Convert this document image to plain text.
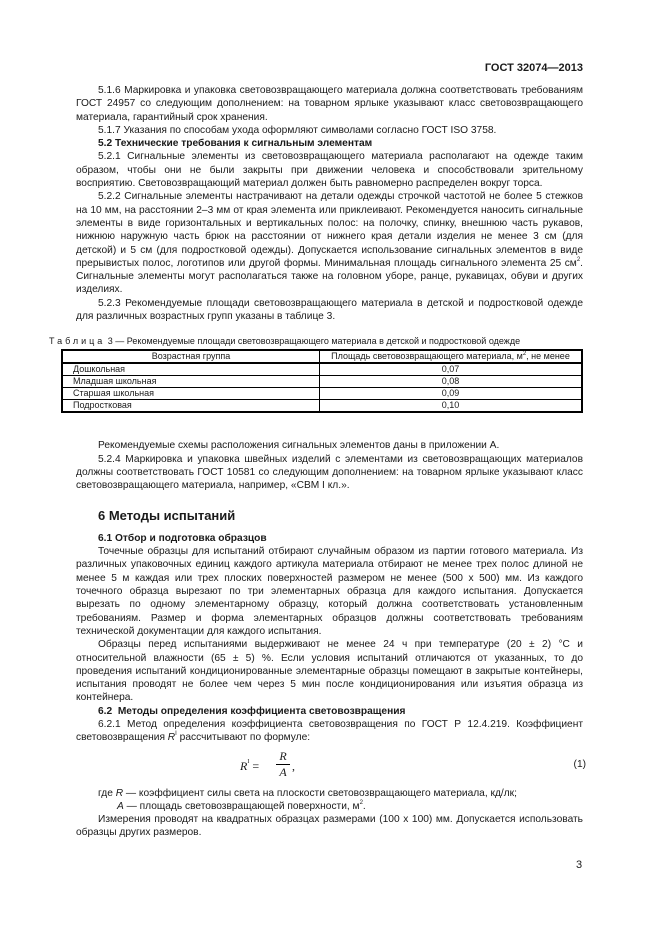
ГОСТ 32074—2013

5.1.6 Маркировка и упаковка световозвращающего материала должна соответствовать требованиям ГОСТ 24957 со следующим дополнением: на товарном ярлыке указывают класс световозвращающего материала, гарантийный срок хранения.

5.1.7 Указания по способам ухода оформляют символами согласно ГОСТ ISO 3758.

5.2 Технические требования к сигнальным элементам

5.2.1 Сигнальные элементы из световозвращающего материала располагают на одежде таким образом, чтобы они не были закрыты при движении человека и способствовали зрительному восприятию. Световозвращающий материал должен быть равномерно распределен вокруг торса.

5.2.2 Сигнальные элементы настрачивают на детали одежды строчкой частотой не более 5 стежков на 10 мм, на расстоянии 2–3 мм от края элемента или приклеивают. Рекомендуется наносить сигнальные элементы в виде горизонтальных и вертикальных полос: на полочку, спинку, внешнюю часть рукавов, нижнюю наружную часть брюк на расстоянии от нижнего края детали изделия не менее 3 см (для детской) и 5 см (для подростковой одежды). Допускается использование сигнальных элементов в виде прерывистых полос, логотипов или другой формы. Минимальная площадь сигнального элемента 25 $см^2$. Сигнальные элементы могут располагаться также на головном уборе, ранце, рукавицах, обуви и других изделиях.

5.2.3 Рекомендуемые площади световозвращающего материала в детской и подростковой одежде для различных возрастных групп указаны в таблице 3.

Таблица 3 — Рекомендуемые площади световозвращающего материала в детской и подростковой одежде
Возрастная группа	Площадь световозвращающего материала, $м^2$, не менее
Дошкольная	0,07
Младшая школьная	0,08
Старшая школьная	0,09
Подростковая	0,10

Рекомендуемые схемы расположения сигнальных элементов даны в приложении А.

5.2.4 Маркировка и упаковка швейных изделий с элементами из световозвращающих материалов должны соответствовать ГОСТ 10581 со следующим дополнением: на товарном ярлыке указывают класс световозвращающего материала, например, «СВМ I кл.».

6 Методы испытаний

6.1 Отбор и подготовка образцов

Точечные образцы для испытаний отбирают случайным образом из партии готового материала. Из различных упаковочных единиц каждого артикула материала отбирают не менее трех полос длиной не менее 5 м каждая или трех плоских поверхностей размером не менее (500 x 500) мм. Из каждого точечного образца вырезают по три элементарных образца для каждого испытания. Допускается вырезать по одному элементарному образцу, который должна соответствовать установленным требованиям. Размер и форма элементарных образцов должны соответствовать требованиям технической документации для каждого испытания.

Образцы перед испытаниями выдерживают не менее 24 ч при температуре (20 ± 2) °С и относительной влажности (65 ± 5) %. Если условия испытаний отличаются от указанных, то до проведения испытаний кондиционированные элементарные образцы помещают в закрытые контейнеры, испытания проводят не более чем через 5 мин после кондиционирования или изъятия образца из контейнера.

6.2  Методы определения коэффициента световозвращения

6.2.1 Метод определения коэффициента световозвращения по ГОСТ Р 12.4.219. Коэффициент световозвращения $R^I$ рассчитывают по формуле:

$R^I = \frac{R}{A}$ ,	(1)

где R — коэффициент силы света на плоскости световозвращающего материала, кд/лк;

A — площадь световозвращающей поверхности, $м^2$.

Измерения проводят на квадратных образцах размерами (100 x 100) мм. Допускается использовать образцы других размеров.

3
